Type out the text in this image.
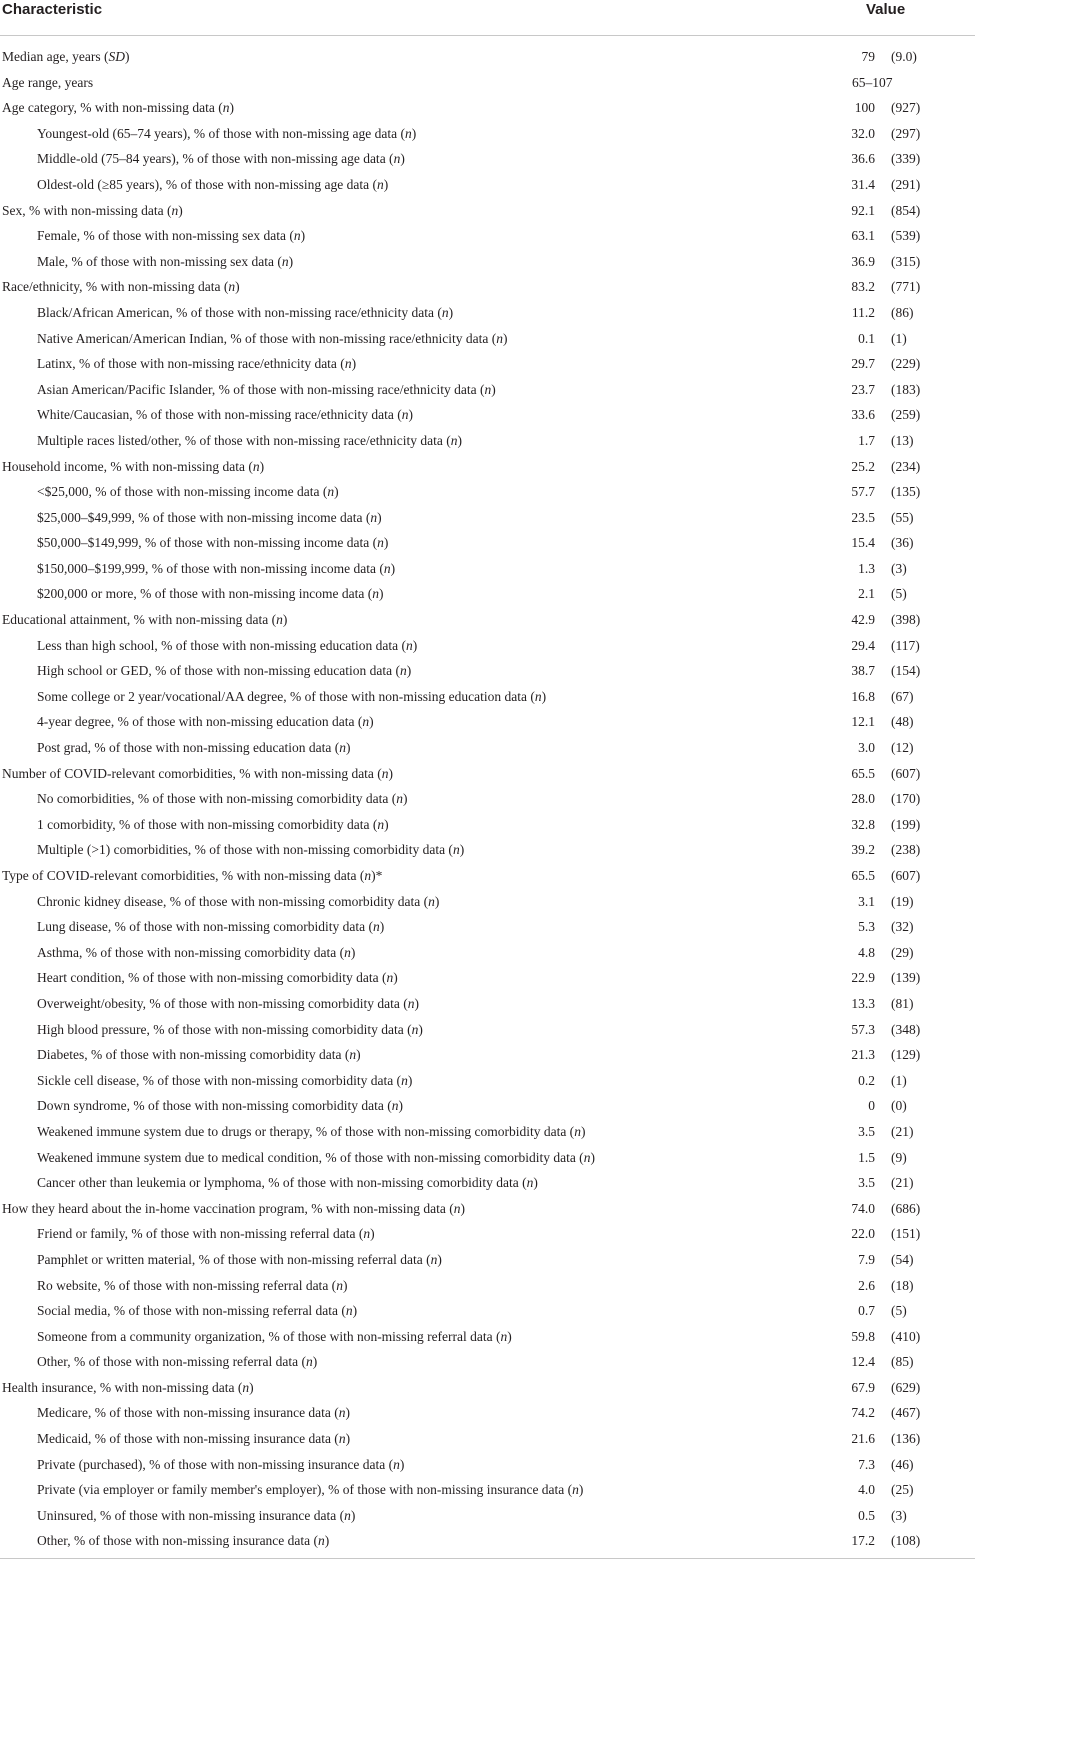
Characteristic	Value
Median age, years (SD)	79 (9.0)
Age range, years	65–107
Age category, % with non-missing data (n)	100 (927)
Youngest-old (65–74 years), % of those with non-missing age data (n)	32.0 (297)
Middle-old (75–84 years), % of those with non-missing age data (n)	36.6 (339)
Oldest-old (≥85 years), % of those with non-missing age data (n)	31.4 (291)
Sex, % with non-missing data (n)	92.1 (854)
Female, % of those with non-missing sex data (n)	63.1 (539)
Male, % of those with non-missing sex data (n)	36.9 (315)
Race/ethnicity, % with non-missing data (n)	83.2 (771)
Black/African American, % of those with non-missing race/ethnicity data (n)	11.2 (86)
Native American/American Indian, % of those with non-missing race/ethnicity data (n)	0.1 (1)
Latinx, % of those with non-missing race/ethnicity data (n)	29.7 (229)
Asian American/Pacific Islander, % of those with non-missing race/ethnicity data (n)	23.7 (183)
White/Caucasian, % of those with non-missing race/ethnicity data (n)	33.6 (259)
Multiple races listed/other, % of those with non-missing race/ethnicity data (n)	1.7 (13)
Household income, % with non-missing data (n)	25.2 (234)
<$25,000, % of those with non-missing income data (n)	57.7 (135)
$25,000–$49,999, % of those with non-missing income data (n)	23.5 (55)
$50,000–$149,999, % of those with non-missing income data (n)	15.4 (36)
$150,000–$199,999, % of those with non-missing income data (n)	1.3 (3)
$200,000 or more, % of those with non-missing income data (n)	2.1 (5)
Educational attainment, % with non-missing data (n)	42.9 (398)
Less than high school, % of those with non-missing education data (n)	29.4 (117)
High school or GED, % of those with non-missing education data (n)	38.7 (154)
Some college or 2 year/vocational/AA degree, % of those with non-missing education data (n)	16.8 (67)
4-year degree, % of those with non-missing education data (n)	12.1 (48)
Post grad, % of those with non-missing education data (n)	3.0 (12)
Number of COVID-relevant comorbidities, % with non-missing data (n)	65.5 (607)
No comorbidities, % of those with non-missing comorbidity data (n)	28.0 (170)
1 comorbidity, % of those with non-missing comorbidity data (n)	32.8 (199)
Multiple (>1) comorbidities, % of those with non-missing comorbidity data (n)	39.2 (238)
Type of COVID-relevant comorbidities, % with non-missing data (n)*	65.5 (607)
Chronic kidney disease, % of those with non-missing comorbidity data (n)	3.1 (19)
Lung disease, % of those with non-missing comorbidity data (n)	5.3 (32)
Asthma, % of those with non-missing comorbidity data (n)	4.8 (29)
Heart condition, % of those with non-missing comorbidity data (n)	22.9 (139)
Overweight/obesity, % of those with non-missing comorbidity data (n)	13.3 (81)
High blood pressure, % of those with non-missing comorbidity data (n)	57.3 (348)
Diabetes, % of those with non-missing comorbidity data (n)	21.3 (129)
Sickle cell disease, % of those with non-missing comorbidity data (n)	0.2 (1)
Down syndrome, % of those with non-missing comorbidity data (n)	0 (0)
Weakened immune system due to drugs or therapy, % of those with non-missing comorbidity data (n)	3.5 (21)
Weakened immune system due to medical condition, % of those with non-missing comorbidity data (n)	1.5 (9)
Cancer other than leukemia or lymphoma, % of those with non-missing comorbidity data (n)	3.5 (21)
How they heard about the in-home vaccination program, % with non-missing data (n)	74.0 (686)
Friend or family, % of those with non-missing referral data (n)	22.0 (151)
Pamphlet or written material, % of those with non-missing referral data (n)	7.9 (54)
Ro website, % of those with non-missing referral data (n)	2.6 (18)
Social media, % of those with non-missing referral data (n)	0.7 (5)
Someone from a community organization, % of those with non-missing referral data (n)	59.8 (410)
Other, % of those with non-missing referral data (n)	12.4 (85)
Health insurance, % with non-missing data (n)	67.9 (629)
Medicare, % of those with non-missing insurance data (n)	74.2 (467)
Medicaid, % of those with non-missing insurance data (n)	21.6 (136)
Private (purchased), % of those with non-missing insurance data (n)	7.3 (46)
Private (via employer or family member's employer), % of those with non-missing insurance data (n)	4.0 (25)
Uninsured, % of those with non-missing insurance data (n)	0.5 (3)
Other, % of those with non-missing insurance data (n)	17.2 (108)
